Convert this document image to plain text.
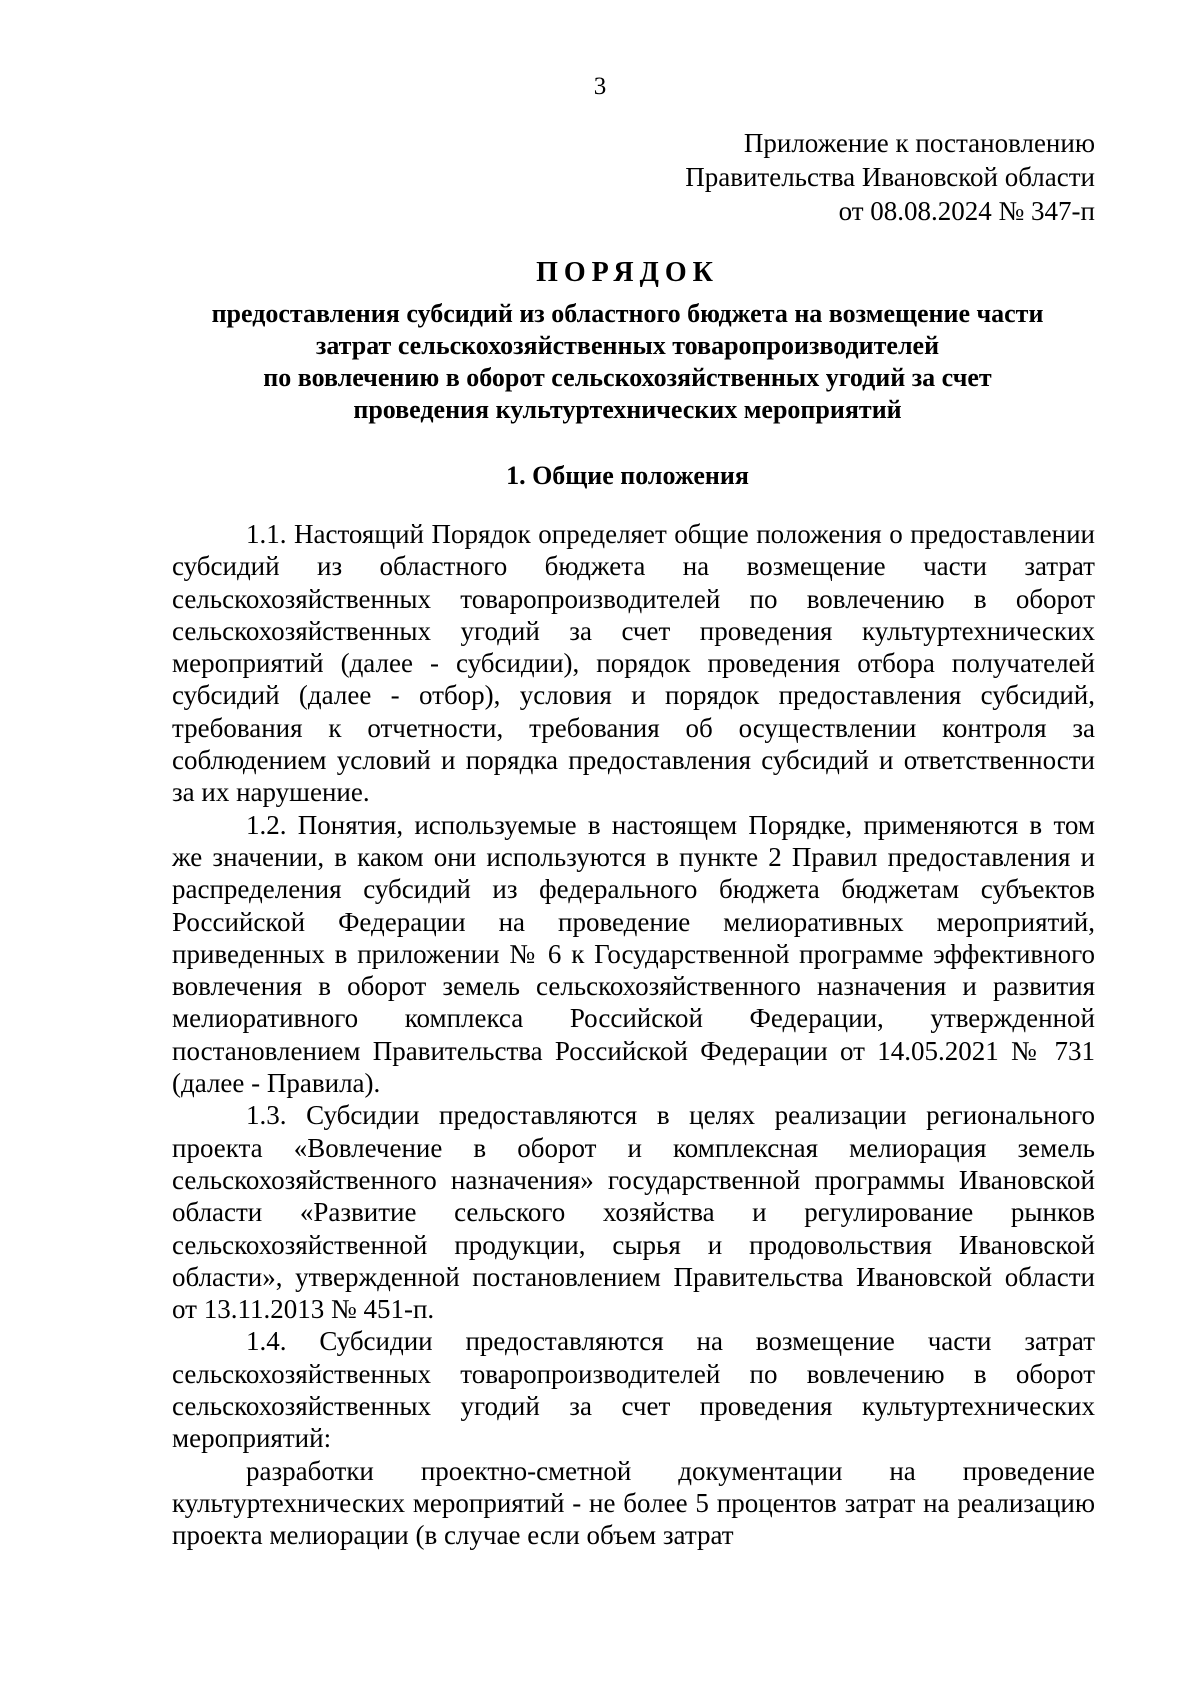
3
Приложение к постановлению
Правительства Ивановской области
от 08.08.2024 № 347-п
ПОРЯДОК
предоставления субсидий из областного бюджета на возмещение части
затрат сельскохозяйственных товаропроизводителей
по вовлечению в оборот сельскохозяйственных угодий за счет
проведения культуртехнических мероприятий
1. Общие положения

1.1. Настоящий Порядок определяет общие положения о предоставлении субсидий из областного бюджета на возмещение части затрат сельскохозяйственных товаропроизводителей по вовлечению в оборот сельскохозяйственных угодий за счет проведения культуртехнических мероприятий (далее - субсидии), порядок проведения отбора получателей субсидий (далее - отбор), условия и порядок предоставления субсидий, требования к отчетности, требования об осуществлении контроля за соблюдением условий и порядка предоставления субсидий и ответственности за их нарушение.

1.2. Понятия, используемые в настоящем Порядке, применяются в том же значении, в каком они используются в пункте 2 Правил предоставления и распределения субсидий из федерального бюджета бюджетам субъектов Российской Федерации на проведение мелиоративных мероприятий, приведенных в приложении № 6 к Государственной программе эффективного вовлечения в оборот земель сельскохозяйственного назначения и развития мелиоративного комплекса Российской Федерации, утвержденной постановлением Правительства Российской Федерации от 14.05.2021 № 731 (далее - Правила).

1.3. Субсидии предоставляются в целях реализации регионального проекта «Вовлечение в оборот и комплексная мелиорация земель сельскохозяйственного назначения» государственной программы Ивановской области «Развитие сельского хозяйства и регулирование рынков сельскохозяйственной продукции, сырья и продовольствия Ивановской области», утвержденной постановлением Правительства Ивановской области от 13.11.2013 № 451-п.

1.4. Субсидии предоставляются на возмещение части затрат сельскохозяйственных товаропроизводителей по вовлечению в оборот сельскохозяйственных угодий за счет проведения культуртехнических мероприятий:

разработки проектно-сметной документации на проведение культуртехнических мероприятий - не более 5 процентов затрат на реализацию проекта мелиорации (в случае если объем затрат
